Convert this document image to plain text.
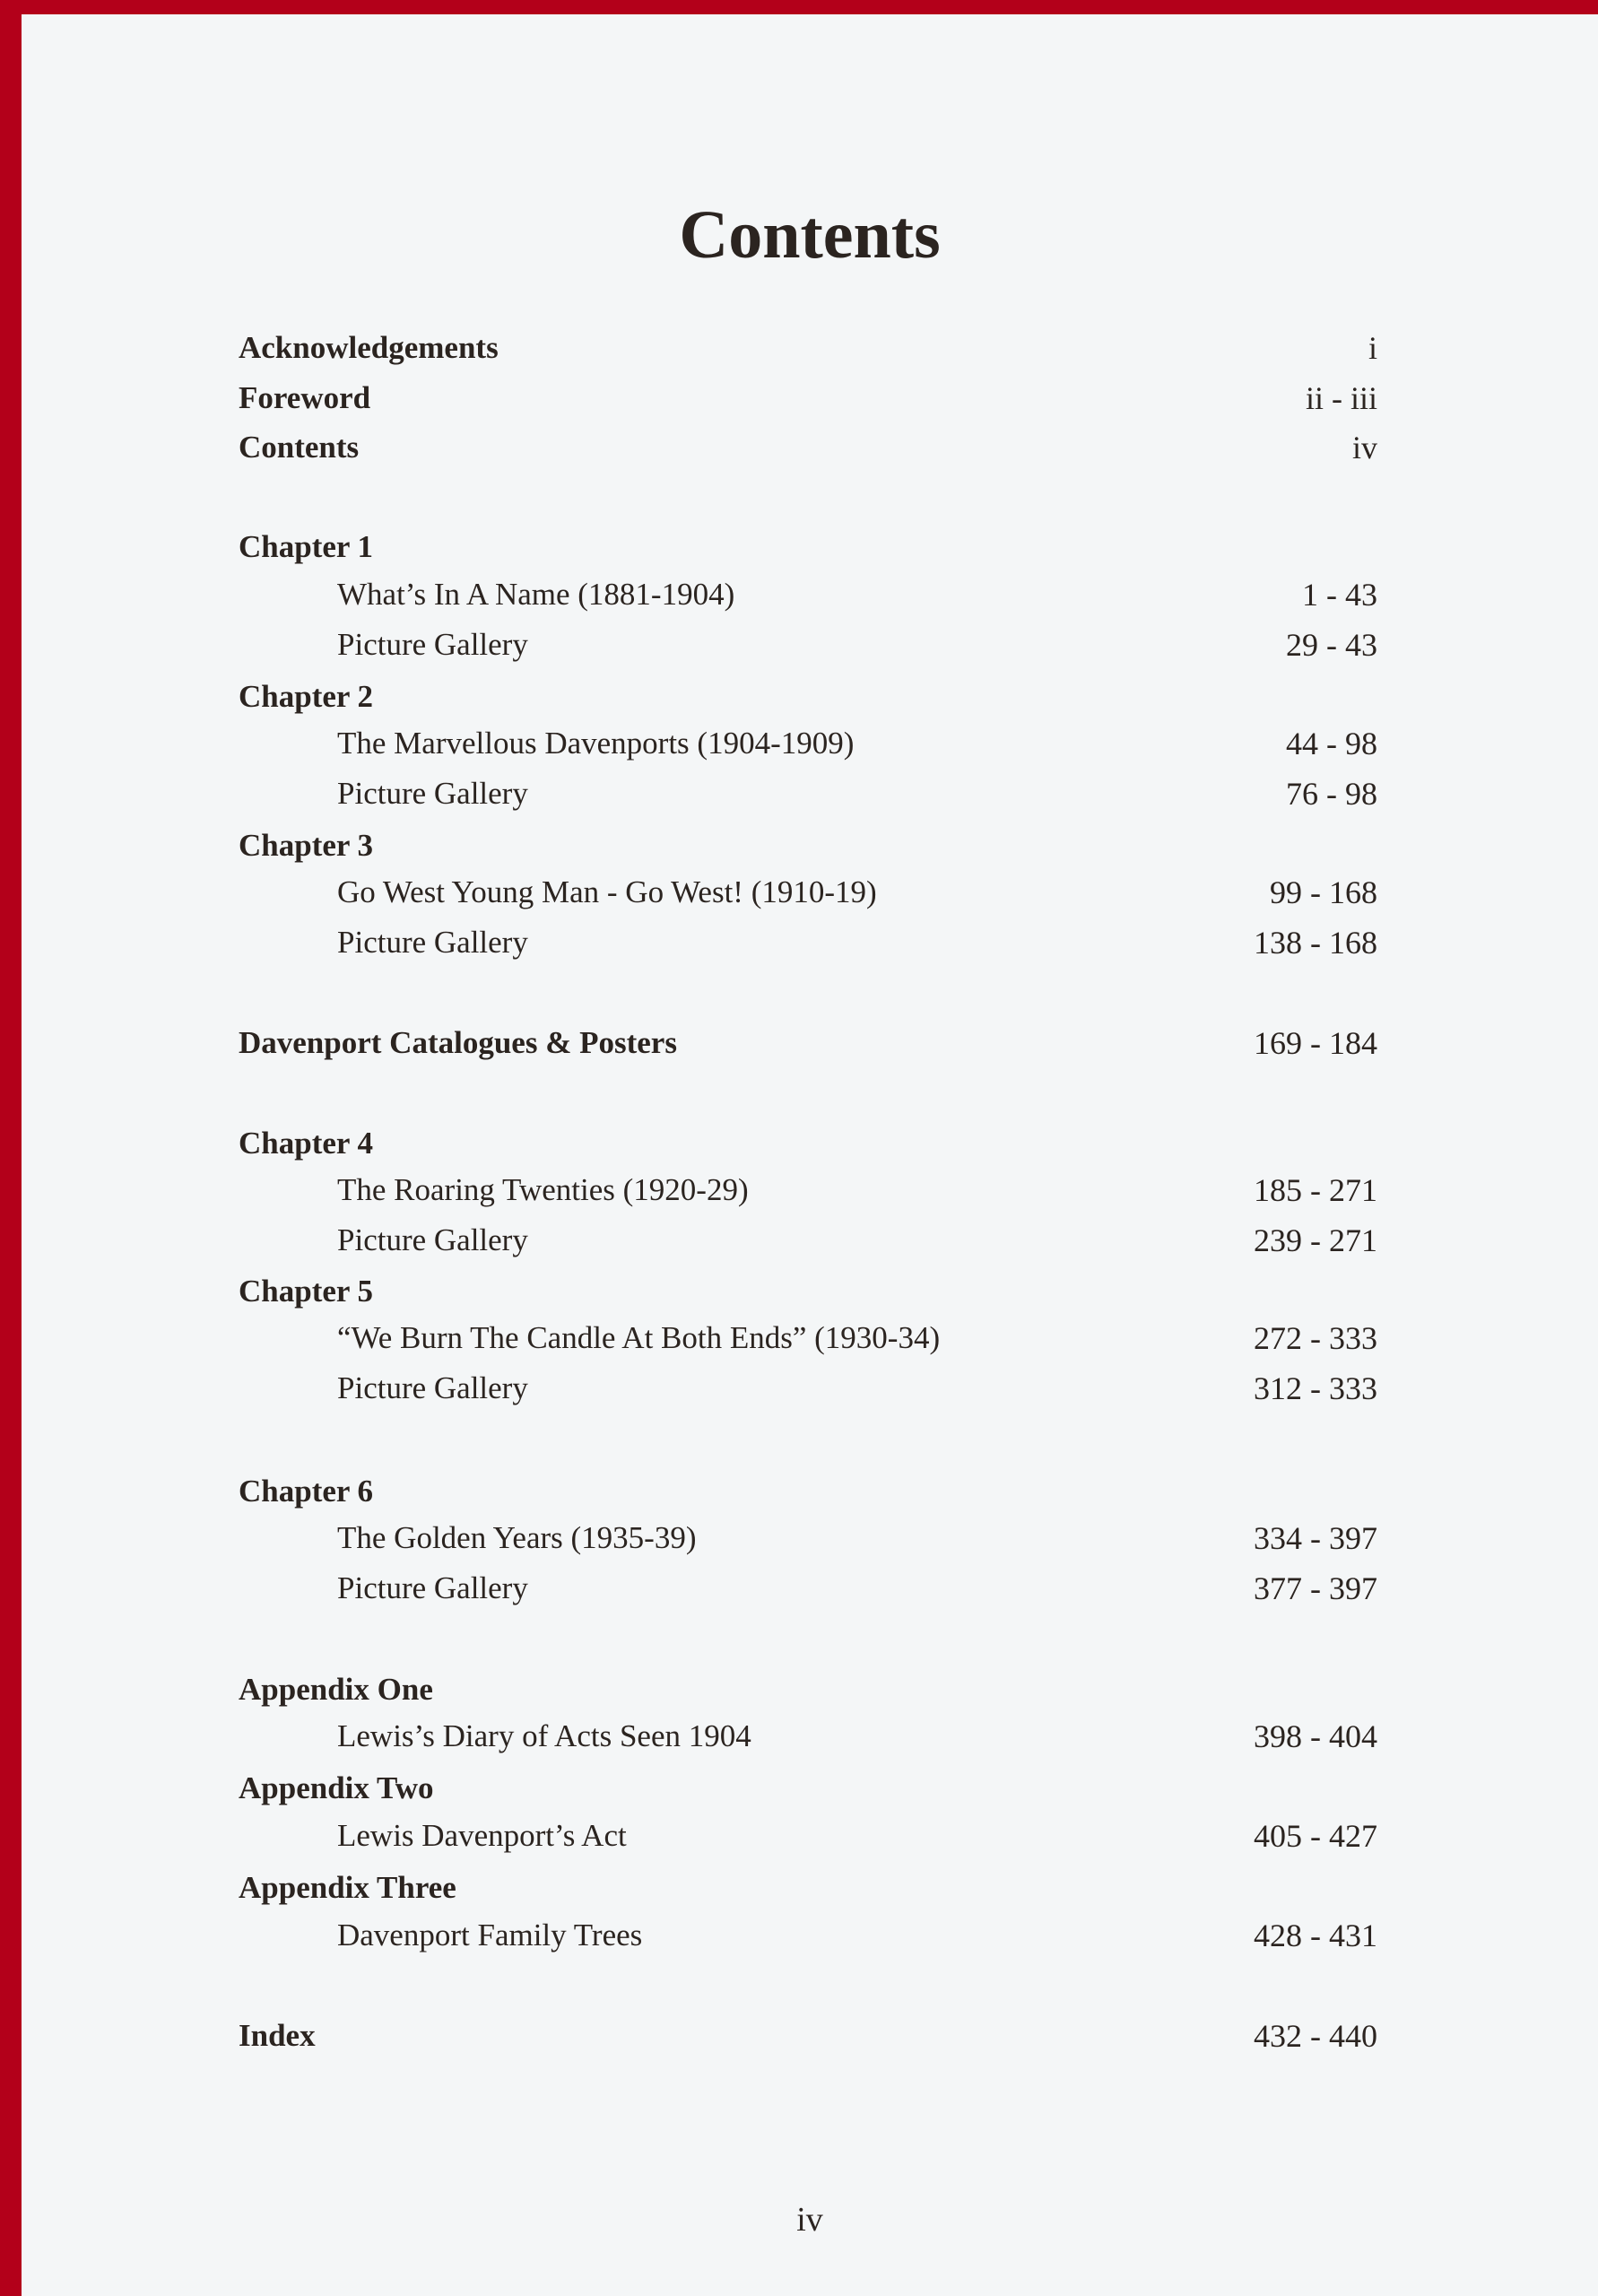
Contents
Acknowledgements	i
Foreword	ii - iii
Contents	iv
Chapter 1
What’s In A Name (1881-1904)	1 - 43
Picture Gallery	29 - 43
Chapter 2
The Marvellous Davenports (1904-1909)	44 - 98
Picture Gallery	76 - 98
Chapter 3
Go West Young Man - Go West! (1910-19)	99 - 168
Picture Gallery	138 - 168
Davenport Catalogues & Posters	169 - 184
Chapter 4
The Roaring Twenties (1920-29)	185 - 271
Picture Gallery	239 - 271
Chapter 5
“We Burn The Candle At Both Ends” (1930-34)	272 - 333
Picture Gallery	312 - 333
Chapter 6
The Golden Years (1935-39)	334 - 397
Picture Gallery	377 - 397
Appendix One
Lewis’s Diary of Acts Seen 1904	398 - 404
Appendix Two
Lewis Davenport’s Act	405 - 427
Appendix Three
Davenport Family Trees	428 - 431
Index	432 - 440
iv
